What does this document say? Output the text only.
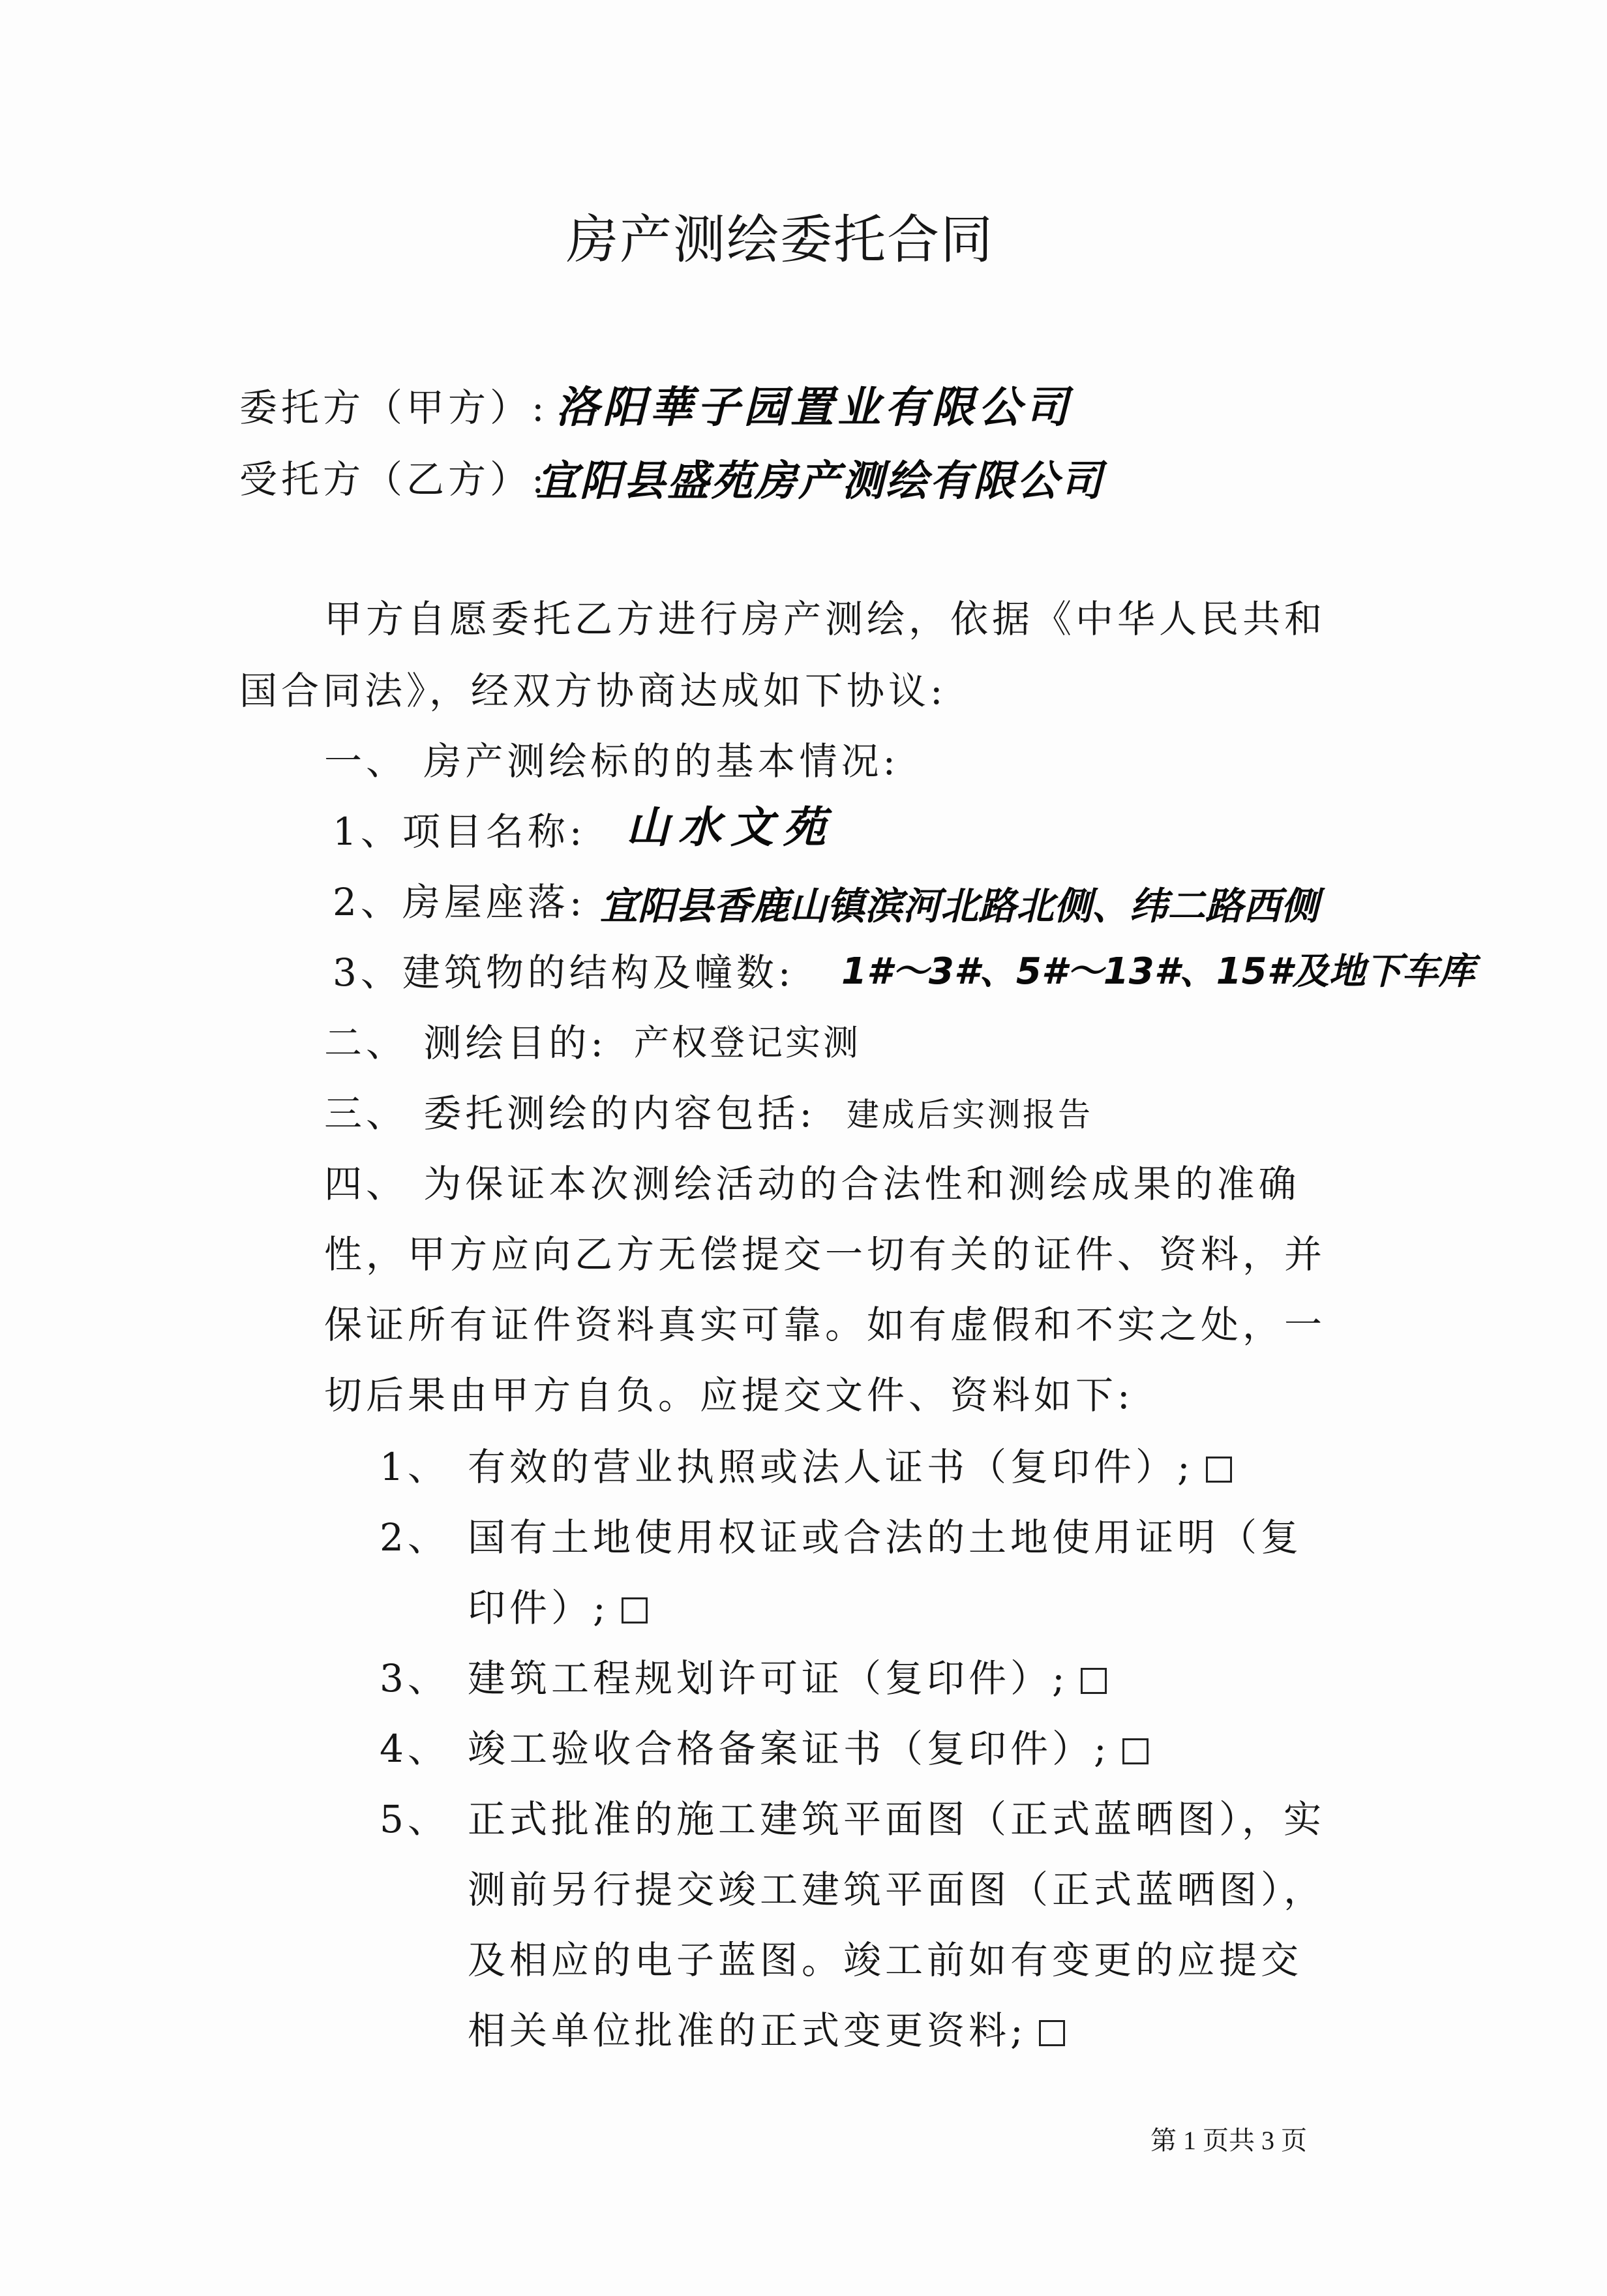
房产测绘委托合同
委托方（甲方）: 洛阳華子园置业有限公司
受托方（乙方）:
宜阳县盛苑房产测绘有限公司
甲方自愿委托乙方进行房产测绘，依据《中华人民共和
国合同法》，经双方协商达成如下协议:
一、 房产测绘标的的基本情况:
1、项目名称: 山水文苑
2、房屋座落: 宜阳县香鹿山镇滨河北路北侧、纬二路西侧
3、建筑物的结构及幢数: 1#～3#、5#～13#、15#及地下车库
二、 测绘目的: 产权登记实测
三、 委托测绘的内容包括: 建成后实测报告
四、 为保证本次测绘活动的合法性和测绘成果的准确
性，甲方应向乙方无偿提交一切有关的证件、资料，并
保证所有证件资料真实可靠。如有虚假和不实之处，一
切后果由甲方自负。应提交文件、资料如下:
1、 有效的营业执照或法人证书（复印件）;
2、 国有土地使用权证或合法的土地使用证明（复
印件）;
3、 建筑工程规划许可证（复印件）;
4、 竣工验收合格备案证书（复印件）;
5、 正式批准的施工建筑平面图（正式蓝晒图），实
测前另行提交竣工建筑平面图（正式蓝晒图），
及相应的电子蓝图。竣工前如有变更的应提交
相关单位批准的正式变更资料;
第 1 页共 3 页
